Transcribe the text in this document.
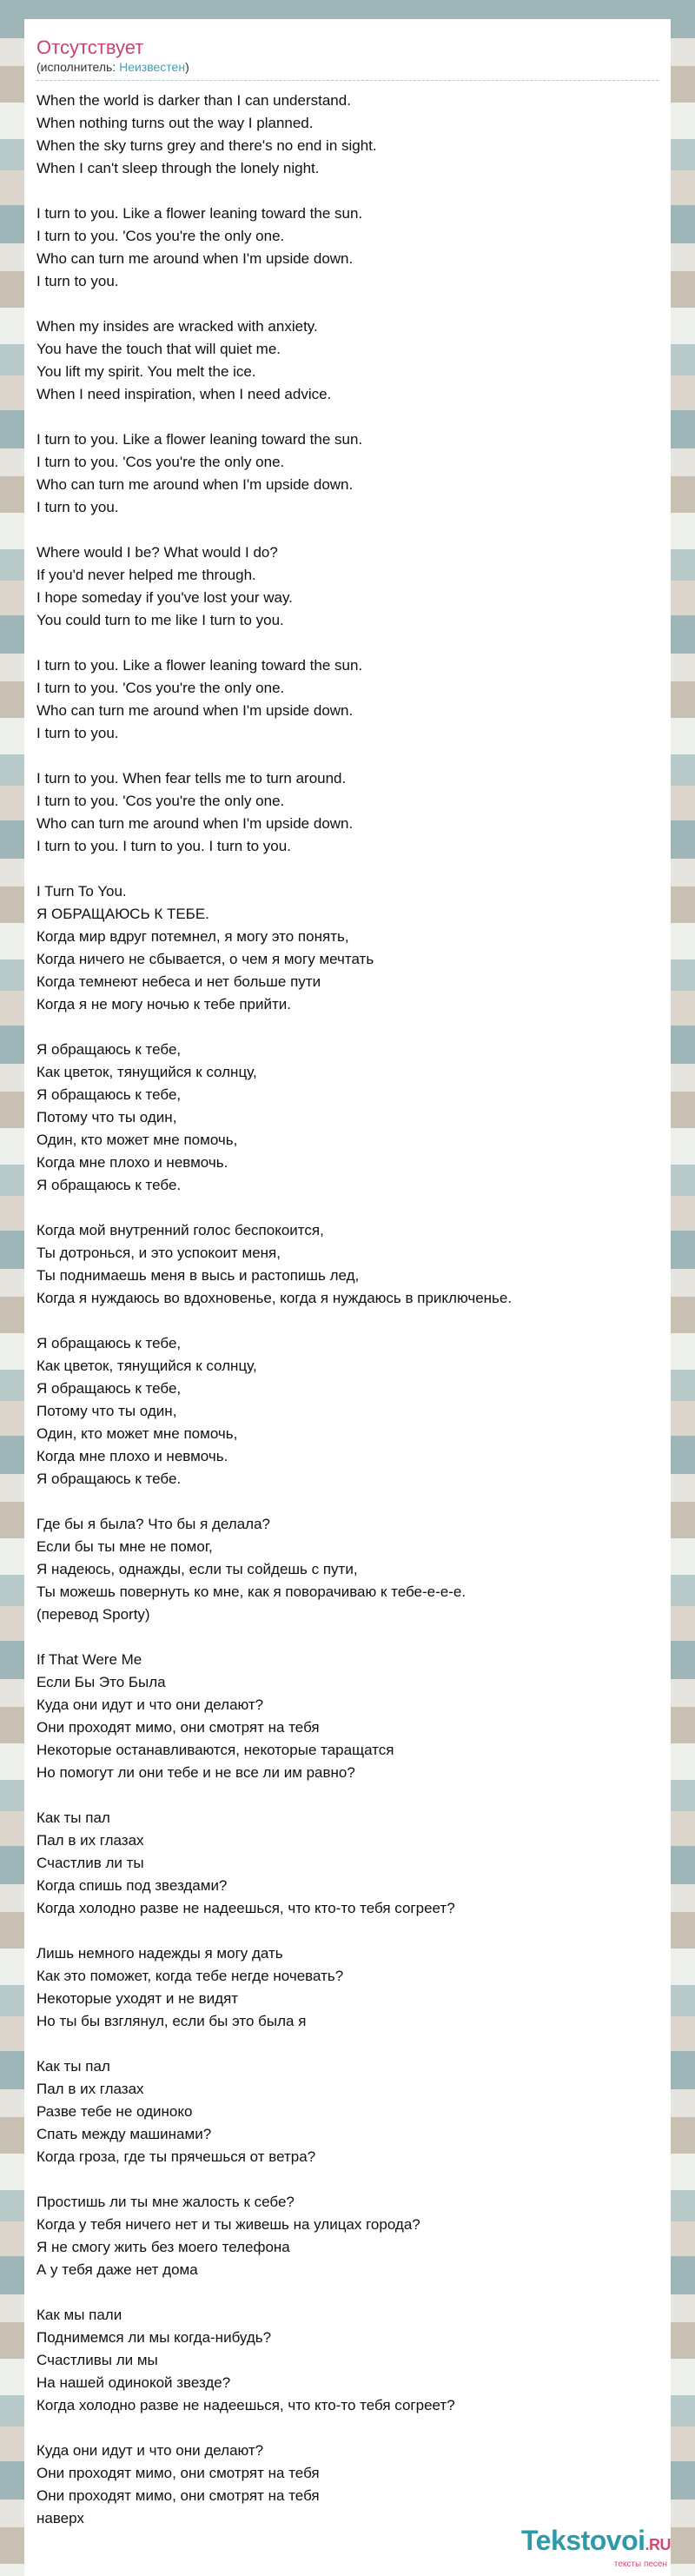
Отсутствует
(исполнитель: Неизвестен)
When the world is darker than I can understand.
When nothing turns out the way I planned.
When the sky turns grey and there's no end in sight.
When I can't sleep through the lonely night.

I turn to you. Like a flower leaning toward the sun.
I turn to you. 'Cos you're the only one.
Who can turn me around when I'm upside down.
I turn to you.

When my insides are wracked with anxiety.
You have the touch that will quiet me.
You lift my spirit. You melt the ice.
When I need inspiration, when I need advice.

I turn to you. Like a flower leaning toward the sun.
I turn to you. 'Cos you're the only one.
Who can turn me around when I'm upside down.
I turn to you.

Where would I be? What would I do?
If you'd never helped me through.
I hope someday if you've lost your way.
You could turn to me like I turn to you.

I turn to you. Like a flower leaning toward the sun.
I turn to you. 'Cos you're the only one.
Who can turn me around when I'm upside down.
I turn to you.

I turn to you. When fear tells me to turn around.
I turn to you. 'Cos you're the only one.
Who can turn me around when I'm upside down.
I turn to you. I turn to you. I turn to you.

I Turn To You.
Я ОБРАЩАЮСЬ К ТЕБЕ.
Когда мир вдруг потемнел, я могу это понять,
Когда ничего не сбывается, о чем я могу мечтать
Когда темнеют небеса и нет больше пути
Когда я не могу ночью к тебе прийти.

Я обращаюсь к тебе,
Как цветок, тянущийся к солнцу,
Я обращаюсь к тебе,
Потому что ты один,
Один, кто может мне помочь,
Когда мне плохо и невмочь.
Я обращаюсь к тебе.

Когда мой внутренний голос беспокоится,
Ты дотронься, и это успокоит меня,
Ты поднимаешь меня в высь и растопишь лед,
Когда я нуждаюсь во вдохновенье, когда я нуждаюсь в приключенье.

Я обращаюсь к тебе,
Как цветок, тянущийся к солнцу,
Я обращаюсь к тебе,
Потому что ты один,
Один, кто может мне помочь,
Когда мне плохо и невмочь.
Я обращаюсь к тебе.

Где бы я была? Что бы я делала?
Если бы ты мне не помог,
Я надеюсь, однажды, если ты сойдешь с пути,
Ты можешь повернуть ко мне, как я поворачиваю к тебе-е-е-е.
(перевод Sporty)

If That Were Me
Если Бы Это Была
Куда они идут и что они делают?
Они проходят мимо, они смотрят на тебя
Некоторые останавливаются, некоторые таращатся
Но помогут ли они тебе и не все ли им равно?

Как ты пал
Пал в их глазах
Счастлив ли ты
Когда спишь под звездами?
Когда холодно разве не надеешься, что кто-то тебя согреет?

Лишь немного надежды я могу дать
Как это поможет, когда тебе негде ночевать?
Некоторые уходят и не видят
Но ты бы взглянул, если бы это была я

Как ты пал
Пал в их глазах
Разве тебе не одиноко
Спать между машинами?
Когда гроза, где ты прячешься от ветра?

Простишь ли ты мне жалость к себе?
Когда у тебя ничего нет и ты живешь на улицах города?
Я не смогу жить без моего телефона
А у тебя даже нет дома

Как мы пали
Поднимемся ли мы когда-нибудь?
Счастливы ли мы
На нашей одинокой звезде?
Когда холодно разве не надеешься, что кто-то тебя согреет?

Куда они идут и что они делают?
Они проходят мимо, они смотрят на тебя
Они проходят мимо, они смотрят на тебя
наверх
Tekstovoi.RU
тексты песен
